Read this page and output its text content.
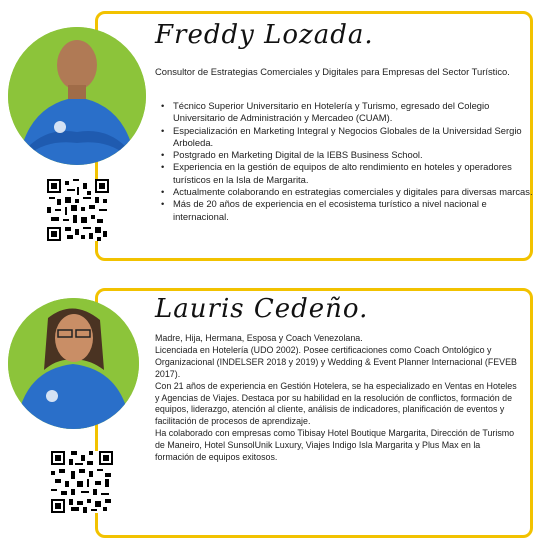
Freddy Lozada.
Consultor de Estrategias Comerciales y Digitales para Empresas del Sector Turístico.
• Técnico Superior Universitario en Hotelería y Turismo, egresado del Colegio Universitario de Administración y Mercadeo (CUAM).
• Especialización en Marketing Integral y Negocios Globales de la Universidad Sergio Arboleda.
• Postgrado en Marketing Digital de la IEBS Business School.
• Experiencia en la gestión de equipos de alto rendimiento en hoteles y operadores turísticos en la Isla de Margarita.
• Actualmente colaborando en estrategias comerciales y digitales para diversas marcas.
• Más de 20 años de experiencia en el ecosistema turístico a nivel nacional e internacional.
Lauris Cedeño.

Madre, Hija, Hermana, Esposa y Coach Venezolana.

Licenciada en Hotelería (UDO 2002). Posee certificaciones como Coach Ontológico y Organizacional (INDELSER 2018 y 2019) y Wedding & Event Planner Internacional (FEVEB 2017).

Con 21 años de experiencia en Gestión Hotelera, se ha especializado en Ventas en Hoteles y Agencias de Viajes. Destaca por su habilidad en la resolución de conflictos, formación de equipos, liderazgo, atención al cliente, análisis de indicadores, planificación de eventos y facilitación de procesos de aprendizaje.

Ha colaborado con empresas como Tibisay Hotel Boutique Margarita, Dirección de Turismo de Maneiro, Hotel SunsolUnik Luxury, Viajes Indigo Isla Margarita y Plus Max en la formación de equipos exitosos.
